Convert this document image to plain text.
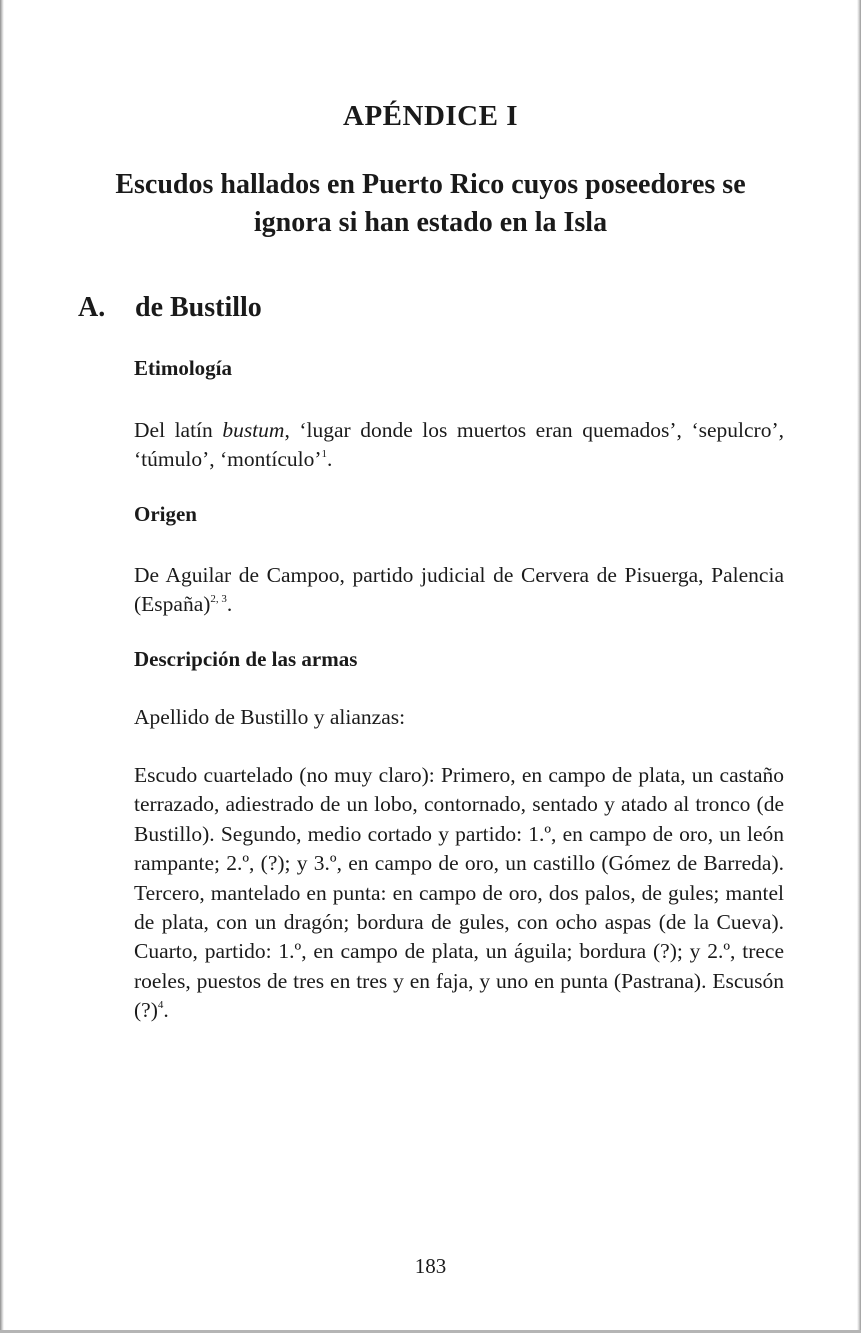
APÉNDICE I
Escudos hallados en Puerto Rico cuyos poseedores se ignora si han estado en la Isla
A. de Bustillo
Etimología
Del latín bustum, ‘lugar donde los muertos eran quemados’, ‘sepulcro’, ‘túmulo’, ‘montículo’$^1$.
Origen
De Aguilar de Campoo, partido judicial de Cervera de Pisuerga, Palencia (España)$^{2, 3}$.
Descripción de las armas
Apellido de Bustillo y alianzas:
Escudo cuartelado (no muy claro): Primero, en campo de plata, un castaño terrazado, adiestrado de un lobo, contornado, sentado y atado al tronco (de Bustillo). Segundo, medio cortado y partido: 1.º, en campo de oro, un león rampante; 2.º, (?); y 3.º, en campo de oro, un castillo (Gómez de Barreda). Tercero, mantelado en punta: en campo de oro, dos palos, de gules; mantel de plata, con un dragón; bordura de gules, con ocho aspas (de la Cueva). Cuarto, partido: 1.º, en campo de plata, un águila; bordura (?); y 2.º, trece roeles, puestos de tres en tres y en faja, y uno en punta (Pastrana). Escusón (?)$^4$.
183
